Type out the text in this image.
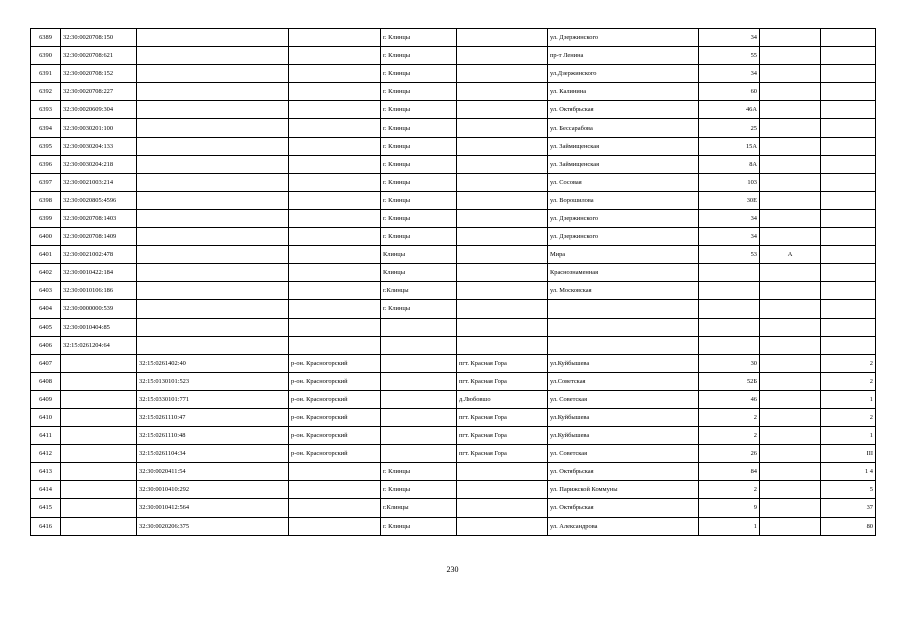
6389	32:30:0020708:150			г. Клинцы		ул. Дзержинского	34		
6390	32:30:0020708:621			г. Клинцы		пр-т Ленина	55		
6391	32:30:0020708:152			г. Клинцы		ул.Дзержинского	34		
6392	32:30:0020708:227			г. Клинцы		ул. Калинина	60		
6393	32:30:0020609:304			г. Клинцы		ул. Октябрьская	46А		
6394	32:30:0030201:100			г. Клинцы		ул. Бессарабова	25		
6395	32:30:0030204:133			г. Клинцы		ул. Займищенская	15А		
6396	32:30:0030204:218			г. Клинцы		ул. Займищенская	8А		
6397	32:30:0021003:214			г. Клинцы		ул. Сосовая	103		
6398	32:30:0020805:4596			г. Клинцы		ул. Ворошилова	30Е		
6399	32:30:0020708:1403			г. Клинцы		ул. Дзержинского	34		
6400	32:30:0020708:1409			г. Клинцы		ул. Дзержинского	34		
6401	32:30:0021002:478			Клинцы		Мира	53	А	
6402	32:30:0010422:184			Клинцы		Краснознаменная			
6403	32:30:0010106:186			г.Клинцы		ул. Московская			
6404	32:30:0000000:539			г. Клинцы					
6405	32:30:0010404:85								
6406	32:15:0261204:64								
6407		32:15:0261402:40	р-он. Красногорский		пгт. Красная Гора	ул.Куйбышева	30		2
6408		32:15:0130101:523	р-он. Красногорский		пгт. Красная Гора	ул.Советская	52Б		2
6409		32:15:0330101:771	р-он. Красногорский		д.Любовшо	ул. Советская	46		1
6410		32:15:0261110:47	р-он. Красногорский		пгт. Красная Гора	ул.Куйбышева	2		2
6411		32:15:0261110:48	р-он. Красногорский		пгт. Красная Гора	ул.Куйбышева	2		1
6412		32:15:0261104:34	р-он. Красногорский		пгт. Красная Гора	ул. Советская	26		III
6413		32:30:0020411:54		г. Клинцы		ул. Октябрьская	84		1 4
6414		32:30:0010410:292		г. Клинцы		ул. Парижской Коммуны	2		5
6415		32:30:0010412:564		г.Клинцы		ул. Октябрьская	9		37
6416		32:30:0020206:375		г. Клинцы		ул. Александрова	1		80
230
